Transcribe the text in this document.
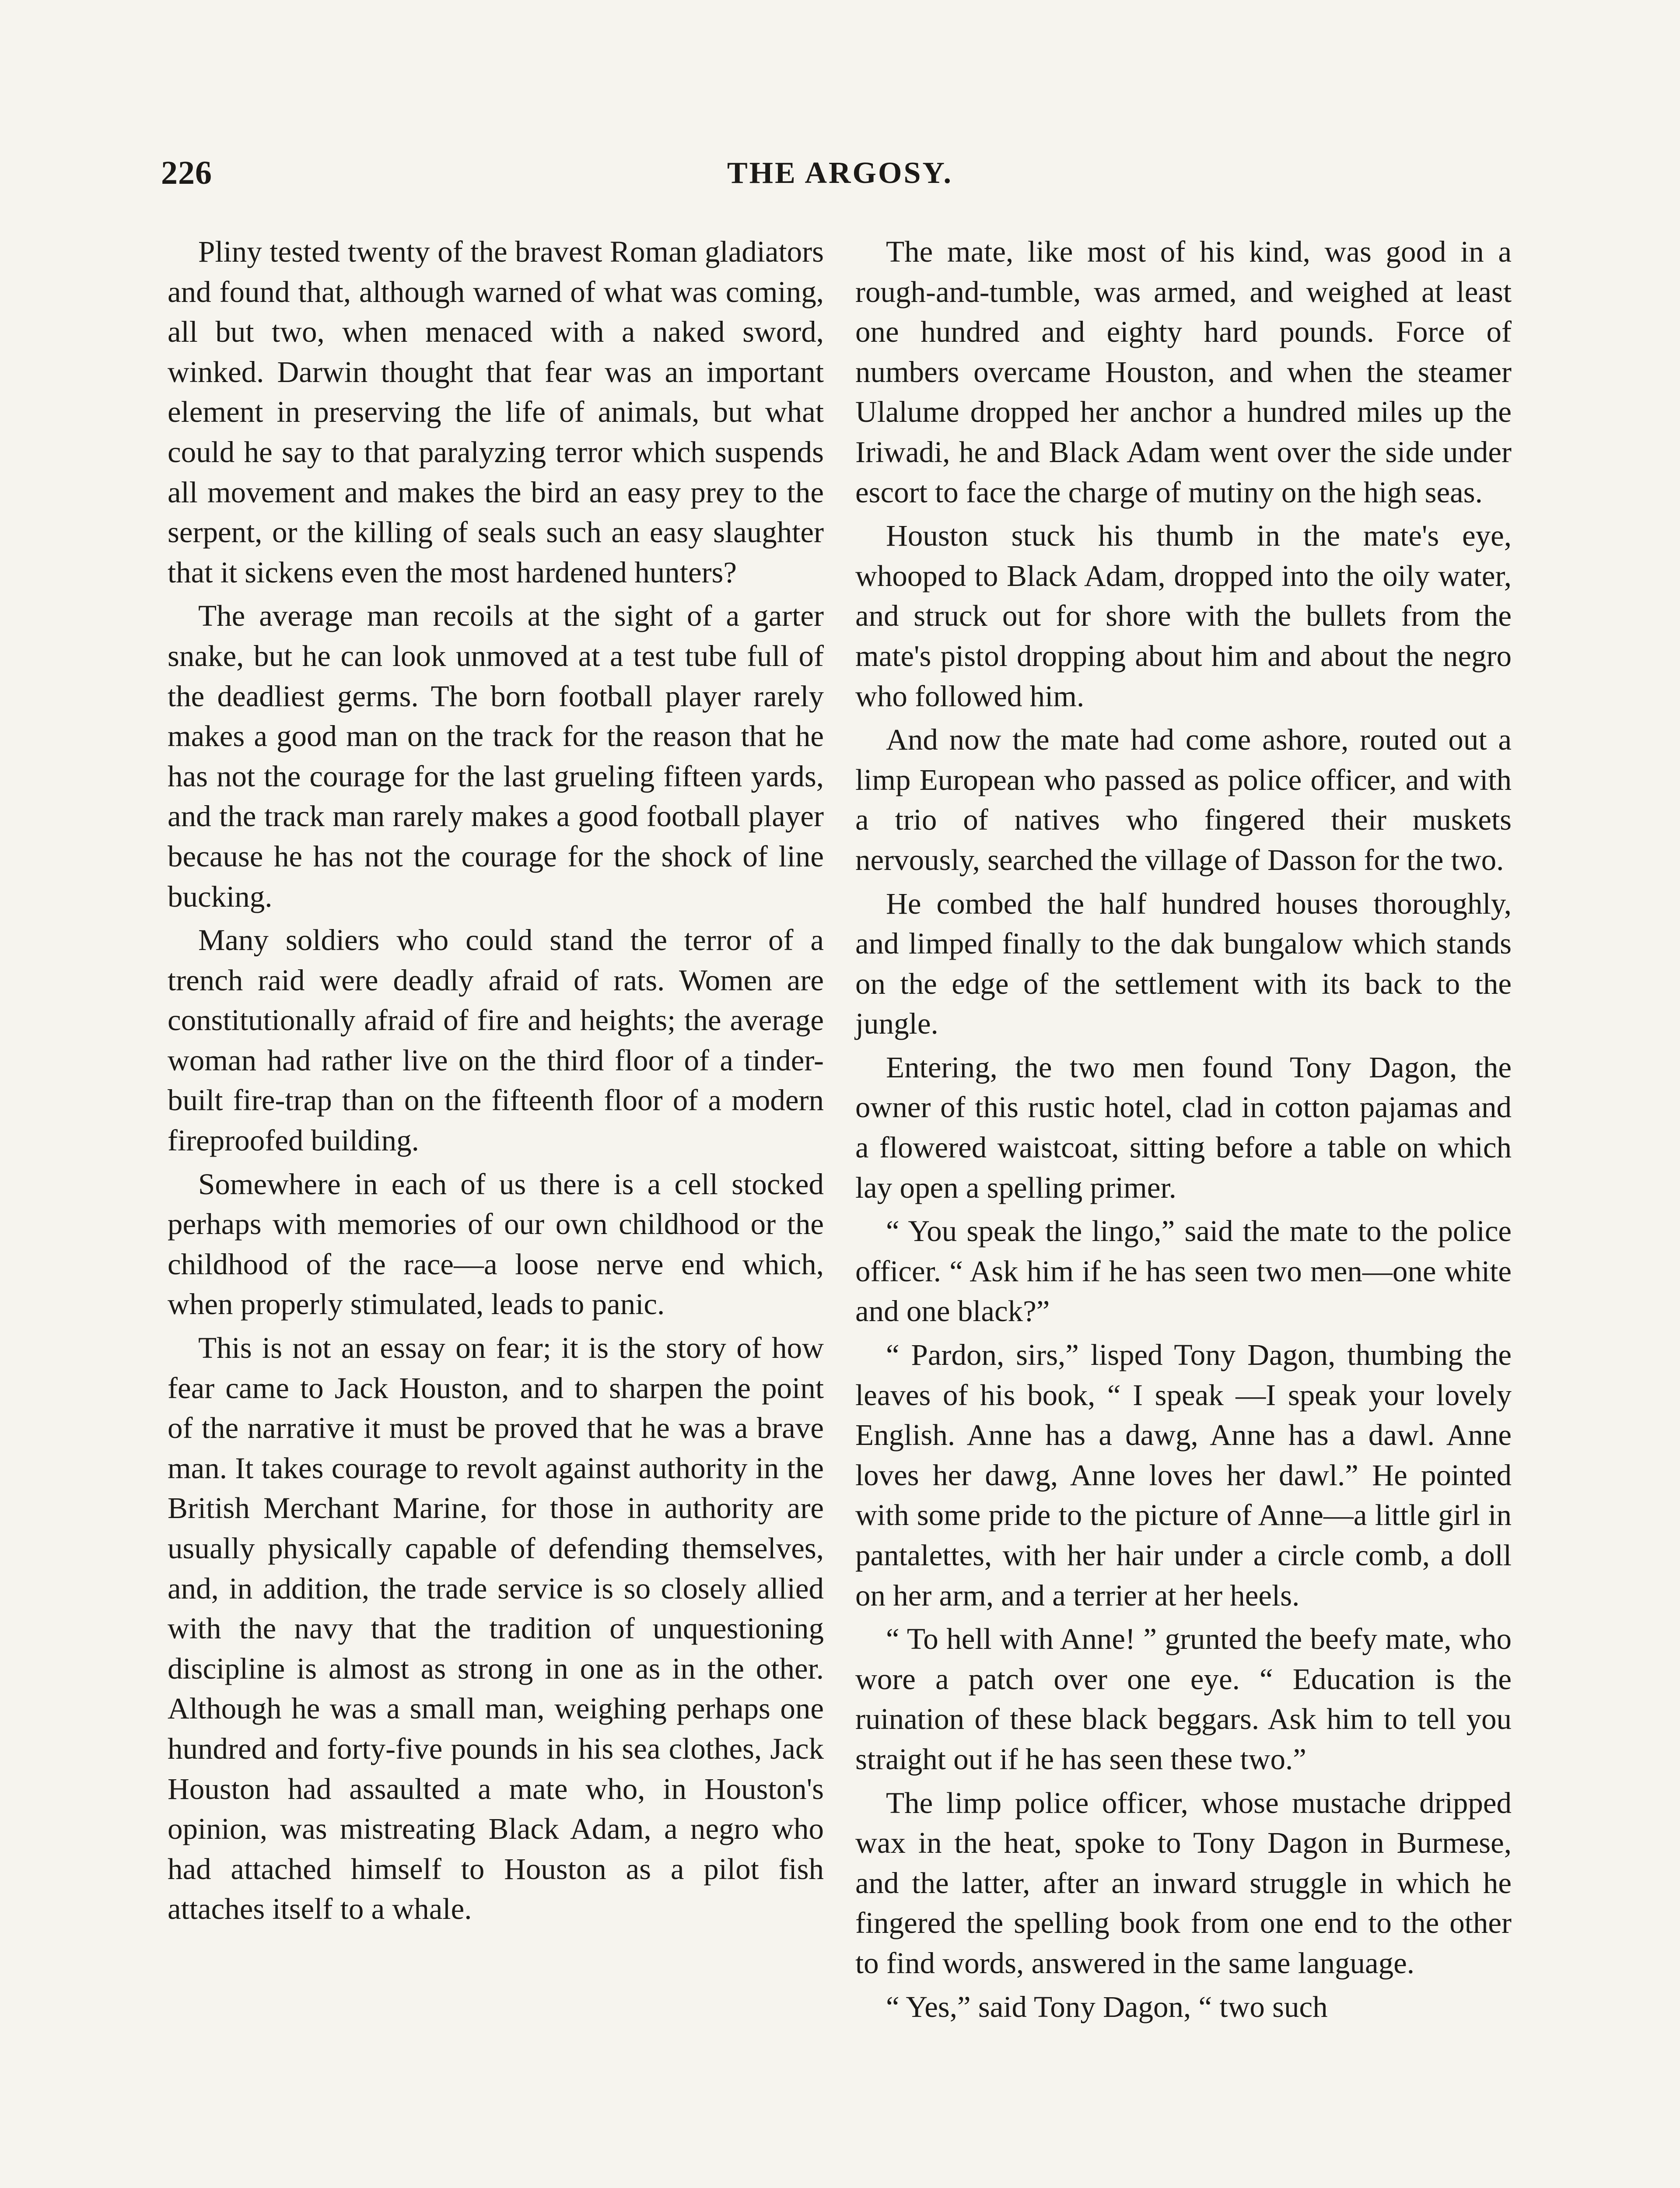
226	THE ARGOSY.

Pliny tested twenty of the bravest Roman gladiators and found that, although warned of what was coming, all but two, when menaced with a naked sword, winked. Darwin thought that fear was an important element in preserving the life of animals, but what could he say to that paralyzing terror which suspends all movement and makes the bird an easy prey to the serpent, or the killing of seals such an easy slaughter that it sickens even the most hardened hunters?

The average man recoils at the sight of a garter snake, but he can look unmoved at a test tube full of the deadliest germs. The born football player rarely makes a good man on the track for the reason that he has not the courage for the last grueling fifteen yards, and the track man rarely makes a good football player because he has not the courage for the shock of line bucking.

Many soldiers who could stand the terror of a trench raid were deadly afraid of rats. Women are constitutionally afraid of fire and heights; the average woman had rather live on the third floor of a tinder-built fire-trap than on the fifteenth floor of a modern fireproofed building.

Somewhere in each of us there is a cell stocked perhaps with memories of our own childhood or the childhood of the race—a loose nerve end which, when properly stimulated, leads to panic.

This is not an essay on fear; it is the story of how fear came to Jack Houston, and to sharpen the point of the narrative it must be proved that he was a brave man. It takes courage to revolt against authority in the British Merchant Marine, for those in authority are usually physically capable of defending themselves, and, in addition, the trade service is so closely allied with the navy that the tradition of unquestioning discipline is almost as strong in one as in the other. Although he was a small man, weighing perhaps one hundred and forty-five pounds in his sea clothes, Jack Houston had assaulted a mate who, in Houston's opinion, was mistreating Black Adam, a negro who had attached himself to Houston as a pilot fish attaches itself to a whale.

The mate, like most of his kind, was good in a rough-and-tumble, was armed, and weighed at least one hundred and eighty hard pounds. Force of numbers overcame Houston, and when the steamer Ulalume dropped her anchor a hundred miles up the Iriwadi, he and Black Adam went over the side under escort to face the charge of mutiny on the high seas.

Houston stuck his thumb in the mate's eye, whooped to Black Adam, dropped into the oily water, and struck out for shore with the bullets from the mate's pistol dropping about him and about the negro who followed him.

And now the mate had come ashore, routed out a limp European who passed as police officer, and with a trio of natives who fingered their muskets nervously, searched the village of Dasson for the two.

He combed the half hundred houses thoroughly, and limped finally to the dak bungalow which stands on the edge of the settlement with its back to the jungle.

Entering, the two men found Tony Dagon, the owner of this rustic hotel, clad in cotton pajamas and a flowered waistcoat, sitting before a table on which lay open a spelling primer.

“ You speak the lingo,” said the mate to the police officer. “ Ask him if he has seen two men—one white and one black?”

“ Pardon, sirs,” lisped Tony Dagon, thumbing the leaves of his book, “ I speak —I speak your lovely English. Anne has a dawg, Anne has a dawl. Anne loves her dawg, Anne loves her dawl.” He pointed with some pride to the picture of Anne—a little girl in pantalettes, with her hair under a circle comb, a doll on her arm, and a terrier at her heels.

“ To hell with Anne! ” grunted the beefy mate, who wore a patch over one eye. “ Education is the ruination of these black beggars. Ask him to tell you straight out if he has seen these two.”

The limp police officer, whose mustache dripped wax in the heat, spoke to Tony Dagon in Burmese, and the latter, after an inward struggle in which he fingered the spelling book from one end to the other to find words, answered in the same language.

“ Yes,” said Tony Dagon, “ two such
